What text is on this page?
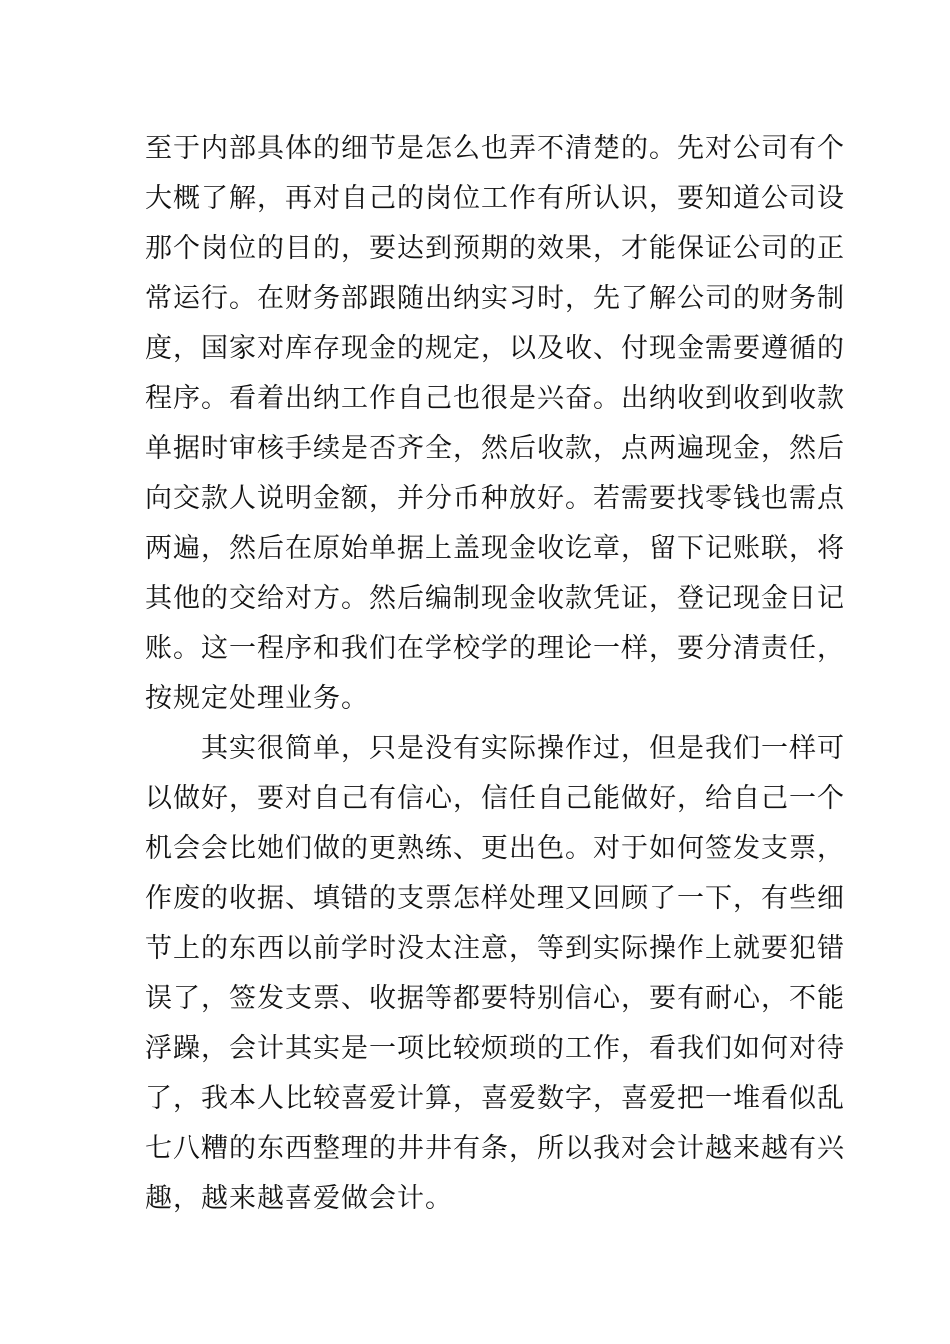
至于内部具体的细节是怎么也弄不清楚的。先对公司有个
大概了解，再对自己的岗位工作有所认识，要知道公司设
那个岗位的目的，要达到预期的效果，才能保证公司的正
常运行。在财务部跟随出纳实习时，先了解公司的财务制
度，国家对库存现金的规定，以及收、付现金需要遵循的
程序。看着出纳工作自己也很是兴奋。出纳收到收到收款
单据时审核手续是否齐全，然后收款，点两遍现金，然后
向交款人说明金额，并分币种放好。若需要找零钱也需点
两遍，然后在原始单据上盖现金收讫章，留下记账联，将
其他的交给对方。然后编制现金收款凭证，登记现金日记
账。这一程序和我们在学校学的理论一样，要分清责任，
按规定处理业务。
其实很简单，只是没有实际操作过，但是我们一样可
以做好，要对自己有信心，信任自己能做好，给自己一个
机会会比她们做的更熟练、更出色。对于如何签发支票，
作废的收据、填错的支票怎样处理又回顾了一下，有些细
节上的东西以前学时没太注意，等到实际操作上就要犯错
误了，签发支票、收据等都要特别信心，要有耐心，不能
浮躁，会计其实是一项比较烦琐的工作，看我们如何对待
了，我本人比较喜爱计算，喜爱数字，喜爱把一堆看似乱
七八糟的东西整理的井井有条，所以我对会计越来越有兴
趣，越来越喜爱做会计。
